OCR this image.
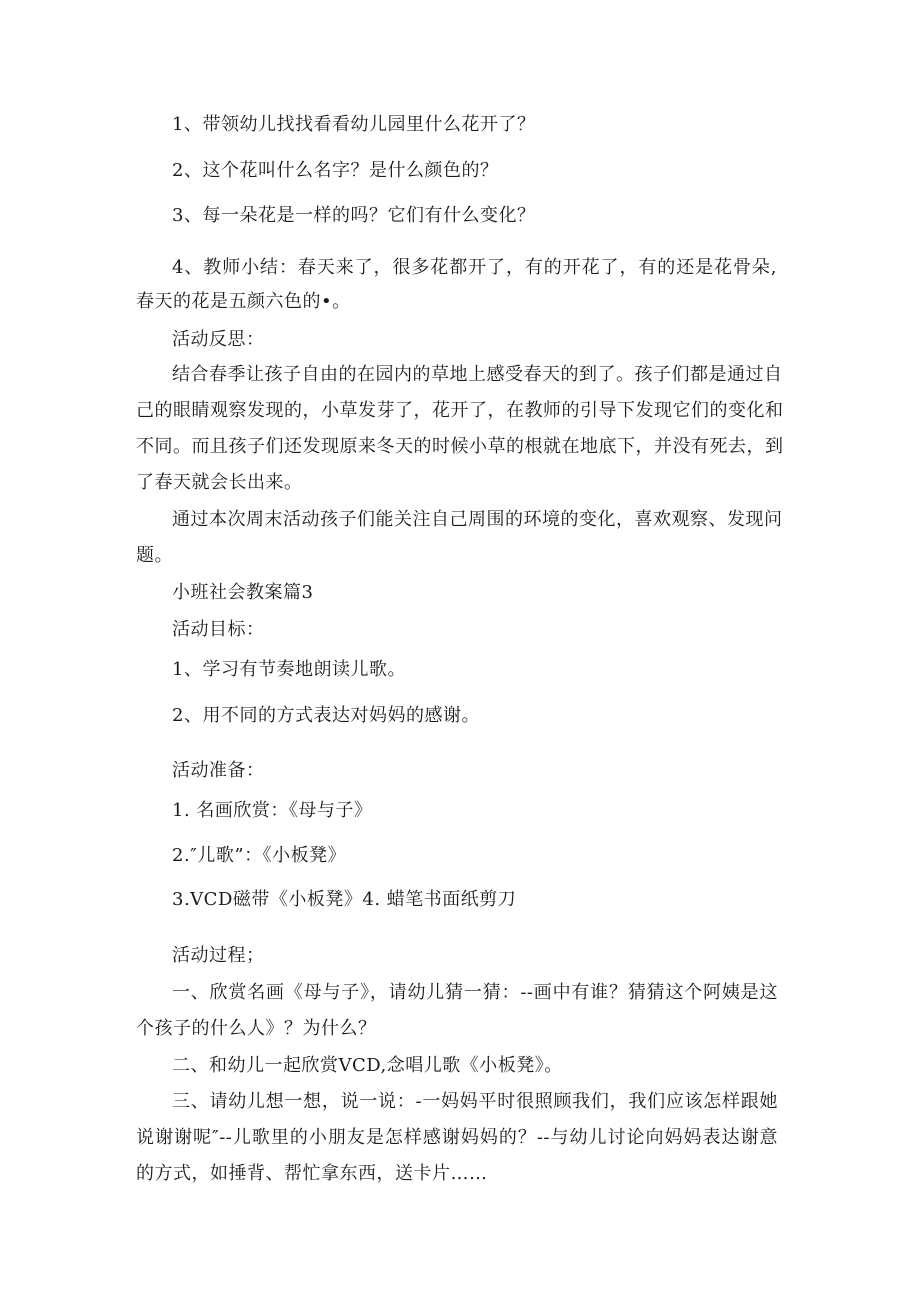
1、带领幼儿找找看看幼儿园里什么花开了？
2、这个花叫什么名字？是什么颜色的？
3、每一朵花是一样的吗？它们有什么变化？
4、教师小结：春天来了，很多花都开了，有的开花了，有的还是花骨朵,
春天的花是五颜六色的•。
活动反思：
结合春季让孩子自由的在园内的草地上感受春天的到了。孩子们都是通过自
己的眼睛观察发现的，小草发芽了，花开了，在教师的引导下发现它们的变化和
不同。而且孩子们还发现原来冬天的时候小草的根就在地底下，并没有死去，到
了春天就会长出来。
通过本次周末活动孩子们能关注自己周围的环境的变化，喜欢观察、发现问
题。
小班社会教案篇3
活动目标：
1、学习有节奏地朗读儿歌。
2、用不同的方式表达对妈妈的感谢。
活动准备：
1. 名画欣赏：《母与子》
2.″儿歌”：《小板凳》
3.VCD磁带《小板凳》4. 蜡笔书面纸剪刀
活动过程；
一、欣赏名画《母与子》，请幼儿猜一猜：--画中有谁？猜猜这个阿姨是这
个孩子的什么人》？为什么？
二、和幼儿一起欣赏VCD,念唱儿歌《小板凳》。
三、请幼儿想一想，说一说：-一妈妈平时很照顾我们，我们应该怎样跟她
说谢谢呢″--儿歌里的小朋友是怎样感谢妈妈的？--与幼儿讨论向妈妈表达谢意
的方式，如捶背、帮忙拿东西，送卡片……
